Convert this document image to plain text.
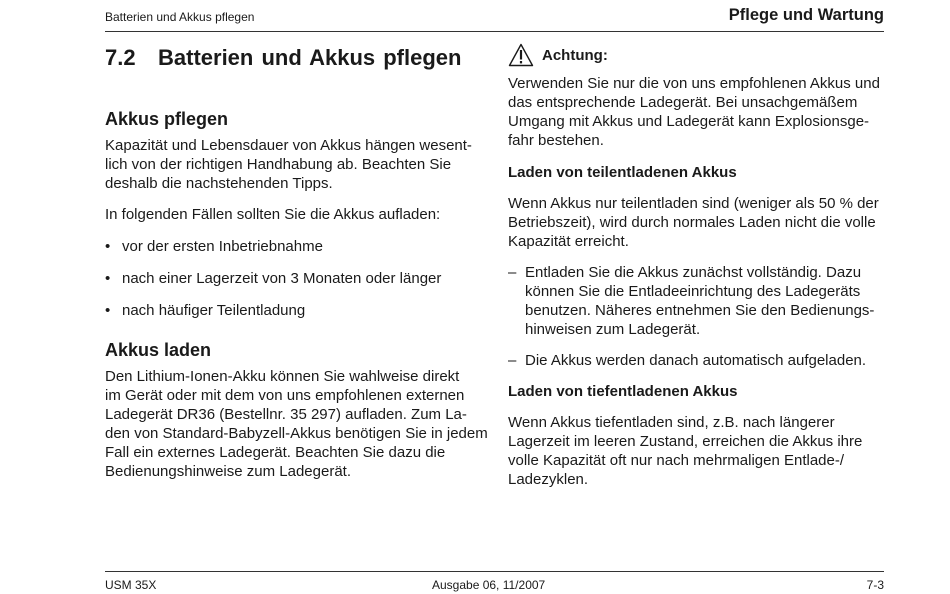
Batterien und Akkus pflegen	Pflege und Wartung
7.2	Batterien und Akkus pflegen
Akkus pflegen

Kapazität und Lebensdauer von Akkus hängen wesent-
lich von der richtigen Handhabung ab. Beachten Sie
deshalb die nachstehenden Tipps.

In folgenden Fällen sollten Sie die Akkus aufladen:

• vor der ersten Inbetriebnahme
• nach einer Lagerzeit von 3 Monaten oder länger
• nach häufiger Teilentladung
Akkus laden

Den Lithium-Ionen-Akku können Sie wahlweise direkt
im Gerät oder mit dem von uns empfohlenen externen
Ladegerät DR36 (Bestellnr. 35 297) aufladen. Zum La-
den von Standard-Babyzell-Akkus benötigen Sie in jedem
Fall ein externes Ladegerät. Beachten Sie dazu die
Bedienungshinweise zum Ladegerät.

Achtung:

Verwenden Sie nur die von uns empfohlenen Akkus und
das entsprechende Ladegerät. Bei unsachgemäßem
Umgang mit Akkus und Ladegerät kann Explosionsge-
fahr bestehen.

Laden von teilentladenen Akkus

Wenn Akkus nur teilentladen sind (weniger als 50 % der
Betriebszeit), wird durch normales Laden nicht die volle
Kapazität erreicht.

– Entladen Sie die Akkus zunächst vollständig. Dazu
können Sie die Entladeeinrichtung des Ladegeräts
benutzen. Näheres entnehmen Sie den Bedienungs-
hinweisen zum Ladegerät.
– Die Akkus werden danach automatisch aufgeladen.
Laden von tiefentladenen Akkus

Wenn Akkus tiefentladen sind, z.B. nach längerer
Lagerzeit im leeren Zustand, erreichen die Akkus ihre
volle Kapazität oft nur nach mehrmaligen Entlade-/
Ladezyklen.

USM 35X	Ausgabe 06, 11/2007	7-3
